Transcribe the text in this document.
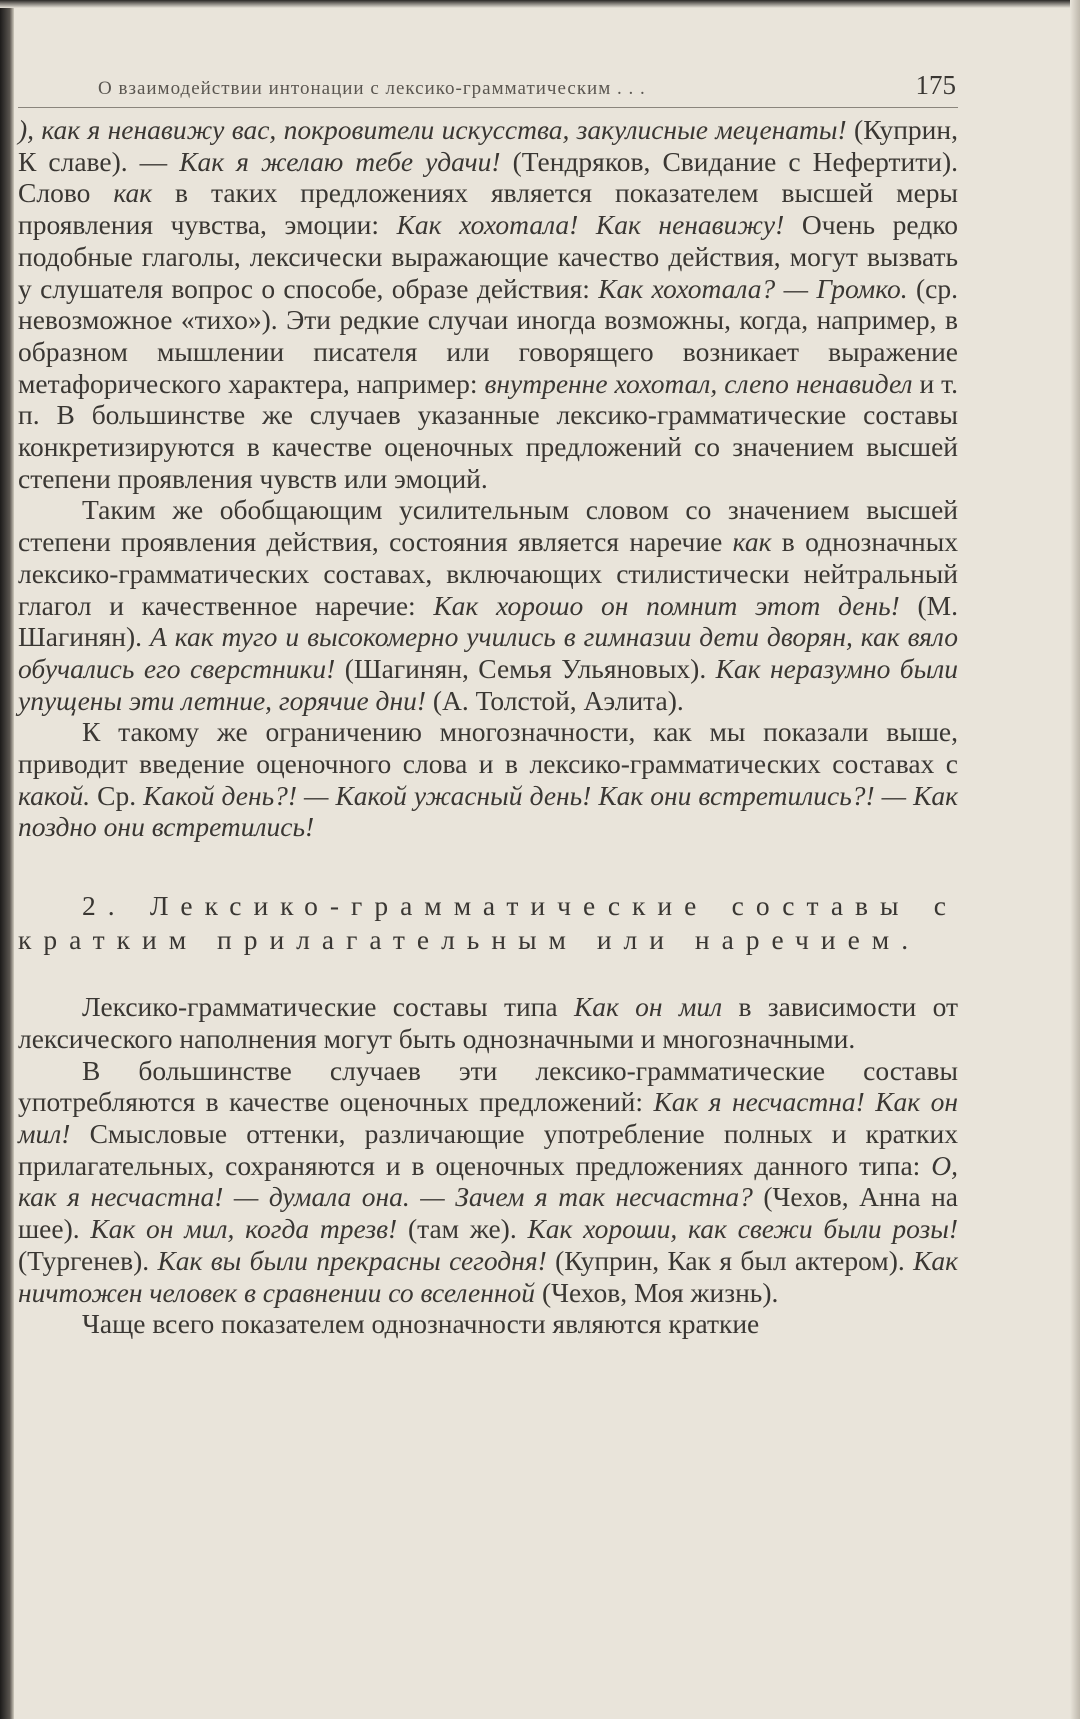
О взаимодействии интонации с лексико-грамматическим . . .	175

), как я ненавижу вас, покровители искусства, закулисные меценаты! (Куприн, К славе). — Как я желаю тебе удачи! (Тендряков, Свидание с Нефертити). Слово как в таких предложениях является показателем высшей меры проявления чувства, эмоции: Как хохотала! Как ненавижу! Очень редко подобные глаголы, лексически выражающие качество действия, могут вызвать у слушателя вопрос о способе, образе действия: Как хохотала? — Громко. (ср. невозможное «тихо»). Эти редкие случаи иногда возможны, когда, например, в образном мышлении писателя или говорящего возникает выражение метафорического характера, например: внутренне хохотал, слепо ненавидел и т. п. В большинстве же случаев указанные лексико-грамматические составы конкретизируются в качестве оценочных предложений со значением высшей степени проявления чувств или эмоций.

Таким же обобщающим усилительным словом со значением высшей степени проявления действия, состояния является наречие как в однозначных лексико-грамматических составах, включающих стилистически нейтральный глагол и качественное наречие: Как хорошо он помнит этот день! (М. Шагинян). А как туго и высокомерно учились в гимназии дети дворян, как вяло обучались его сверстники! (Шагинян, Семья Ульяновых). Как неразумно были упущены эти летние, горячие дни! (А. Толстой, Аэлита).

К такому же ограничению многозначности, как мы показали выше, приводит введение оценочного слова и в лексико-грамматических составах с какой. Ср. Какой день?! — Какой ужасный день! Как они встретились?! — Как поздно они встретились!

2. Лексико-грамматические составы с кратким прилагательным или наречием.

Лексико-грамматические составы типа Как он мил в зависимости от лексического наполнения могут быть однозначными и многозначными.

В большинстве случаев эти лексико-грамматические составы употребляются в качестве оценочных предложений: Как я несчастна! Как он мил! Смысловые оттенки, различающие употребление полных и кратких прилагательных, сохраняются и в оценочных предложениях данного типа: О, как я несчастна! — думала она. — Зачем я так несчастна? (Чехов, Анна на шее). Как он мил, когда трезв! (там же). Как хороши, как свежи были розы! (Тургенев). Как вы были прекрасны сегодня! (Куприн, Как я был актером). Как ничтожен человек в сравнении со вселенной (Чехов, Моя жизнь).

Чаще всего показателем однозначности являются краткие
